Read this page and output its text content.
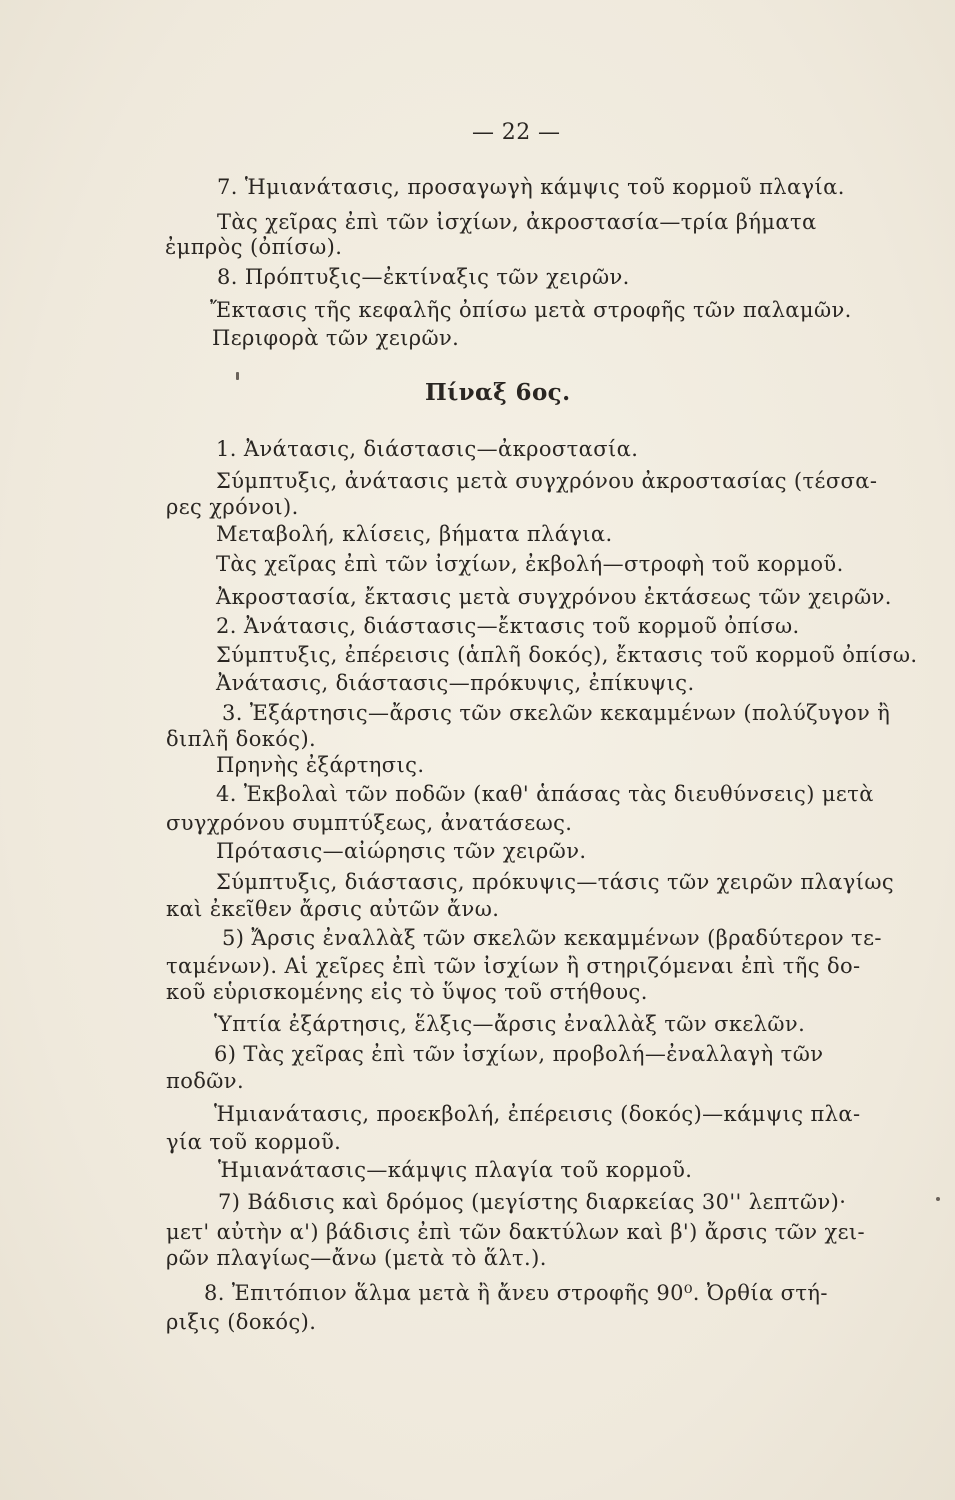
— 22 —
7. Ἡμιανάτασις, προσαγωγὴ κάμψις τοῦ κορμοῦ πλαγία.
Τὰς χεῖρας ἐπὶ τῶν ἰσχίων, ἀκροστασία—τρία βήματα
ἐμπρὸς (ὀπίσω).
8. Πρόπτυξις—ἐκτίναξις τῶν χειρῶν.
Ἔκτασις τῆς κεφαλῆς ὀπίσω μετὰ στροφῆς τῶν παλαμῶν.
Περιφορὰ τῶν χειρῶν.
Πίναξ 6ος.
1. Ἀνάτασις, διάστασις—ἀκροστασία.
Σύμπτυξις, ἀνάτασις μετὰ συγχρόνου ἀκροστασίας (τέσσα-
ρες χρόνοι).
Μεταβολή, κλίσεις, βήματα πλάγια.
Τὰς χεῖρας ἐπὶ τῶν ἰσχίων, ἐκβολή—στροφὴ τοῦ κορμοῦ.
Ἀκροστασία, ἔκτασις μετὰ συγχρόνου ἐκτάσεως τῶν χειρῶν.
2. Ἀνάτασις, διάστασις—ἔκτασις τοῦ κορμοῦ ὀπίσω.
Σύμπτυξις, ἐπέρεισις (ἁπλῆ δοκός), ἔκτασις τοῦ κορμοῦ ὀπίσω.
Ἀνάτασις, διάστασις—πρόκυψις, ἐπίκυψις.
3. Ἐξάρτησις—ἄρσις τῶν σκελῶν κεκαμμένων (πολύζυγον ἢ
διπλῆ δοκός).
Πρηνὴς ἐξάρτησις.
4. Ἐκβολαὶ τῶν ποδῶν (καθ' ἁπάσας τὰς διευθύνσεις) μετὰ
συγχρόνου συμπτύξεως, ἀνατάσεως.
Πρότασις—αἰώρησις τῶν χειρῶν.
Σύμπτυξις, διάστασις, πρόκυψις—τάσις τῶν χειρῶν πλαγίως
καὶ ἐκεῖθεν ἄρσις αὐτῶν ἄνω.
5) Ἄρσις ἐναλλὰξ τῶν σκελῶν κεκαμμένων (βραδύτερον τε-
ταμένων). Αἱ χεῖρες ἐπὶ τῶν ἰσχίων ἢ στηριζόμεναι ἐπὶ τῆς δο-
κοῦ εὑρισκομένης εἰς τὸ ὕψος τοῦ στήθους.
Ὑπτία ἐξάρτησις, ἕλξις—ἄρσις ἐναλλὰξ τῶν σκελῶν.
6) Τὰς χεῖρας ἐπὶ τῶν ἰσχίων, προβολή—ἐναλλαγὴ τῶν
ποδῶν.
Ἡμιανάτασις, προεκβολή, ἐπέρεισις (δοκός)—κάμψις πλα-
γία τοῦ κορμοῦ.
Ἡμιανάτασις—κάμψις πλαγία τοῦ κορμοῦ.
7) Βάδισις καὶ δρόμος (μεγίστης διαρκείας 30'' λεπτῶν)·
μετ' αὐτὴν α') βάδισις ἐπὶ τῶν δακτύλων καὶ β') ἄρσις τῶν χει-
ρῶν πλαγίως—ἄνω (μετὰ τὸ ἅλτ.).
8. Ἐπιτόπιον ἅλμα μετὰ ἢ ἄνευ στροφῆς 90⁰. Ὀρθία στή-
ριξις (δοκός).
